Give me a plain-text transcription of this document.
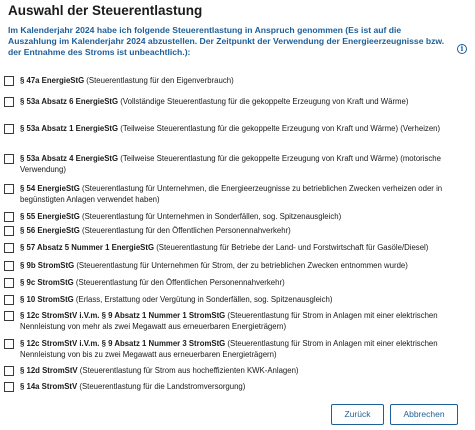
Auswahl der Steuerentlastung
Im Kalenderjahr 2024 habe ich folgende Steuerentlastung in Anspruch genommen (Es ist auf die Auszahlung im Kalenderjahr 2024 abzustellen. Der Zeitpunkt der Verwendung der Energieerzeugnisse bzw. der Entnahme des Stroms ist unbeachtlich.):	i
§ 47a EnergieStG (Steuerentlastung für den Eigenverbrauch)
§ 53a Absatz 6 EnergieStG (Vollständige Steuerentlastung für die gekoppelte Erzeugung von Kraft und Wärme)
§ 53a Absatz 1 EnergieStG (Teilweise Steuerentlastung für die gekoppelte Erzeugung von Kraft und Wärme) (Verheizen)
§ 53a Absatz 4 EnergieStG (Teilweise Steuerentlastung für die gekoppelte Erzeugung von Kraft und Wärme) (motorische Verwendung)
§ 54 EnergieStG (Steuerentlastung für Unternehmen, die Energieerzeugnisse zu betrieblichen Zwecken verheizen oder in begünstigten Anlagen verwendet haben)
§ 55 EnergieStG (Steuerentlastung für Unternehmen in Sonderfällen, sog. Spitzenausgleich)
§ 56 EnergieStG (Steuerentlastung für den Öffentlichen Personennahverkehr)
§ 57 Absatz 5 Nummer 1 EnergieStG (Steuerentlastung für Betriebe der Land- und Forstwirtschaft für Gasöle/Diesel)
§ 9b StromStG (Steuerentlastung für Unternehmen für Strom, der zu betrieblichen Zwecken entnommen wurde)
§ 9c StromStG (Steuerentlastung für den Öffentlichen Personennahverkehr)
§ 10 StromStG (Erlass, Erstattung oder Vergütung in Sonderfällen, sog. Spitzenausgleich)
§ 12c StromStV i.V.m. § 9 Absatz 1 Nummer 1 StromStG (Steuerentlastung für Strom in Anlagen mit einer elektrischen Nennleistung von mehr als zwei Megawatt aus erneuerbaren Energieträgern)
§ 12c StromStV i.V.m. § 9 Absatz 1 Nummer 3 StromStG (Steuerentlastung für Strom in Anlagen mit einer elektrischen Nennleistung von bis zu zwei Megawatt aus erneuerbaren Energieträgern)
§ 12d StromStV (Steuerentlastung für Strom aus hocheffizienten KWK-Anlagen)
§ 14a StromStV (Steuerentlastung für die Landstromversorgung)
Zurück	Abbrechen
